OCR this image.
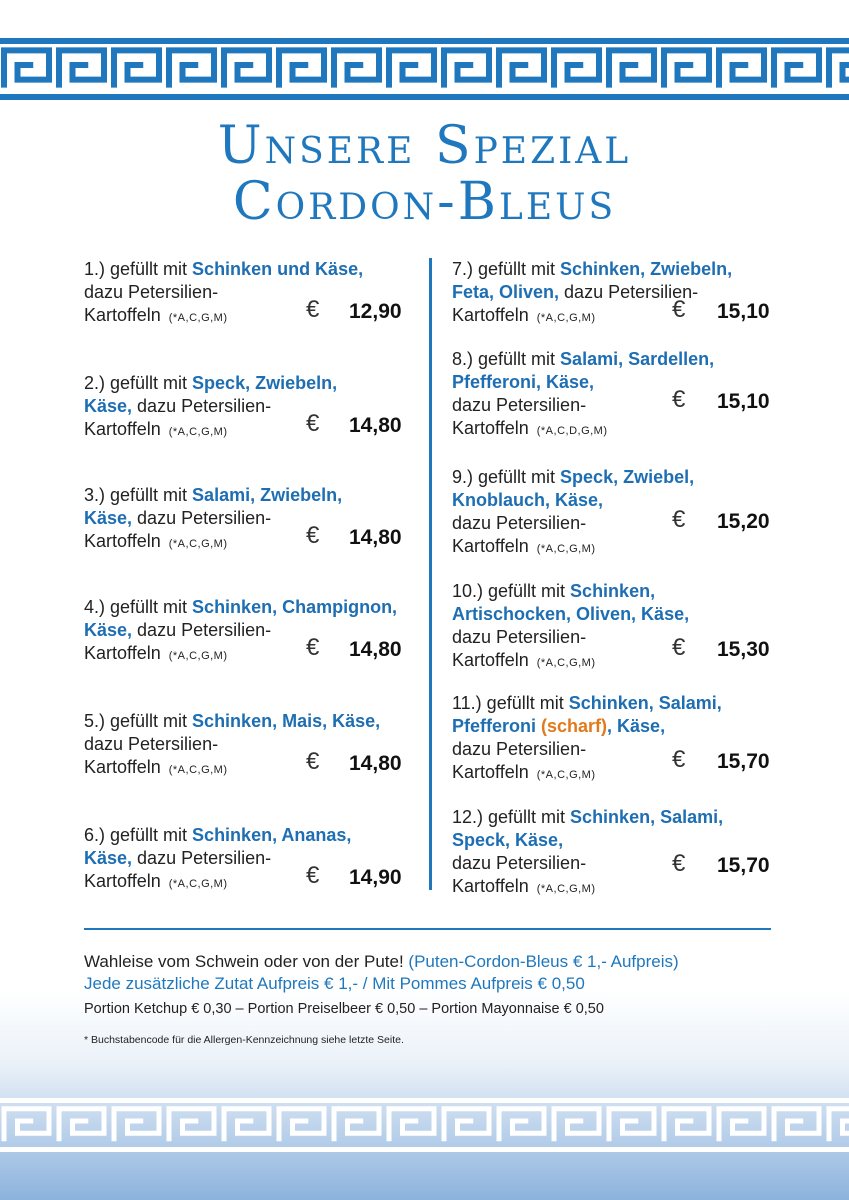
Unsere Spezial
Cordon-Bleus
1.) gefüllt mit Schinken und Käse,
dazu Petersilien-
Kartoffeln (*A,C,G,M)	€ 12,90
2.) gefüllt mit Speck, Zwiebeln,
Käse, dazu Petersilien-
Kartoffeln (*A,C,G,M)	€ 14,80
3.) gefüllt mit Salami, Zwiebeln,
Käse, dazu Petersilien-
Kartoffeln (*A,C,G,M)	€ 14,80
4.) gefüllt mit Schinken, Champignon,
Käse, dazu Petersilien-
Kartoffeln (*A,C,G,M)	€ 14,80
5.) gefüllt mit Schinken, Mais, Käse,
dazu Petersilien-
Kartoffeln (*A,C,G,M)	€ 14,80
6.) gefüllt mit Schinken, Ananas,
Käse, dazu Petersilien-
Kartoffeln (*A,C,G,M)	€ 14,90
7.) gefüllt mit Schinken, Zwiebeln,
Feta, Oliven, dazu Petersilien-
Kartoffeln (*A,C,G,M)	€ 15,10
8.) gefüllt mit Salami, Sardellen,
Pfefferoni, Käse,
dazu Petersilien-
Kartoffeln (*A,C,D,G,M)
€ 15,10
9.) gefüllt mit Speck, Zwiebel,
Knoblauch, Käse,
dazu Petersilien-
Kartoffeln (*A,C,G,M)
€ 15,20
10.) gefüllt mit Schinken,
Artischocken, Oliven, Käse,
dazu Petersilien-
Kartoffeln (*A,C,G,M)
€ 15,30
11.) gefüllt mit Schinken, Salami,
Pfefferoni (scharf), Käse,
dazu Petersilien-
Kartoffeln (*A,C,G,M)
€ 15,70
12.) gefüllt mit Schinken, Salami,
Speck, Käse,
dazu Petersilien-
Kartoffeln (*A,C,G,M)
€ 15,70
Wahleise vom Schwein oder von der Pute! (Puten-Cordon-Bleus € 1,- Aufpreis)
Jede zusätzliche Zutat Aufpreis € 1,- / Mit Pommes Aufpreis € 0,50
Portion Ketchup € 0,30 – Portion Preiselbeer € 0,50 – Portion Mayonnaise € 0,50
* Buchstabencode für die Allergen-Kennzeichnung siehe letzte Seite.
